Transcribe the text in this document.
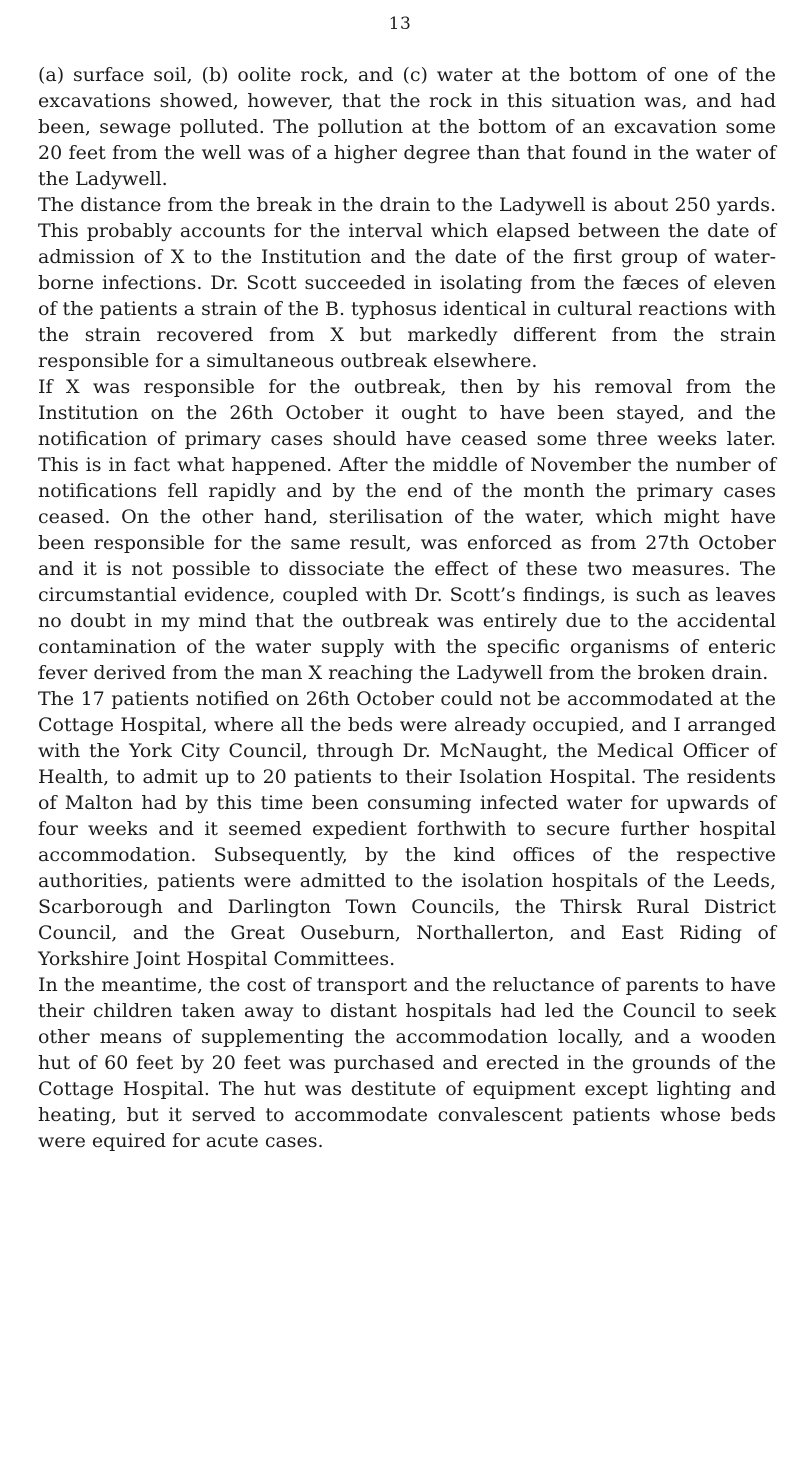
13

(a) surface soil, (b) oolite rock, and (c) water at the bottom of one of the excavations showed, however, that the rock in this situation was, and had been, sewage polluted. The pollution at the bottom of an excavation some 20 feet from the well was of a higher degree than that found in the water of the Ladywell.

The distance from the break in the drain to the Ladywell is about 250 yards. This probably accounts for the interval which elapsed between the date of admission of X to the Institution and the date of the first group of water-borne infections. Dr. Scott succeeded in isolating from the fæces of eleven of the patients a strain of the B. typhosus identical in cultural reactions with the strain recovered from X but markedly different from the strain responsible for a simultaneous outbreak elsewhere.

If X was responsible for the outbreak, then by his removal from the Institution on the 26th October it ought to have been stayed, and the notification of primary cases should have ceased some three weeks later. This is in fact what happened. After the middle of November the number of notifications fell rapidly and by the end of the month the primary cases ceased. On the other hand, sterilisation of the water, which might have been responsible for the same result, was enforced as from 27th October and it is not possible to dissociate the effect of these two measures. The circumstantial evidence, coupled with Dr. Scott’s findings, is such as leaves no doubt in my mind that the outbreak was entirely due to the accidental contamination of the water supply with the specific organisms of enteric fever derived from the man X reaching the Ladywell from the broken drain.

The 17 patients notified on 26th October could not be accommodated at the Cottage Hospital, where all the beds were already occupied, and I arranged with the York City Council, through Dr. McNaught, the Medical Officer of Health, to admit up to 20 patients to their Isolation Hospital. The residents of Malton had by this time been consuming infected water for upwards of four weeks and it seemed expedient forthwith to secure further hospital accommodation. Subsequently, by the kind offices of the respective authorities, patients were admitted to the isolation hospitals of the Leeds, Scarborough and Darlington Town Councils, the Thirsk Rural District Council, and the Great Ouseburn, Northallerton, and East Riding of Yorkshire Joint Hospital Committees.

In the meantime, the cost of transport and the reluctance of parents to have their children taken away to distant hospitals had led the Council to seek other means of supplementing the accommodation locally, and a wooden hut of 60 feet by 20 feet was purchased and erected in the grounds of the Cottage Hospital. The hut was destitute of equipment except lighting and heating, but it served to accommodate convalescent patients whose beds were equired for acute cases.
